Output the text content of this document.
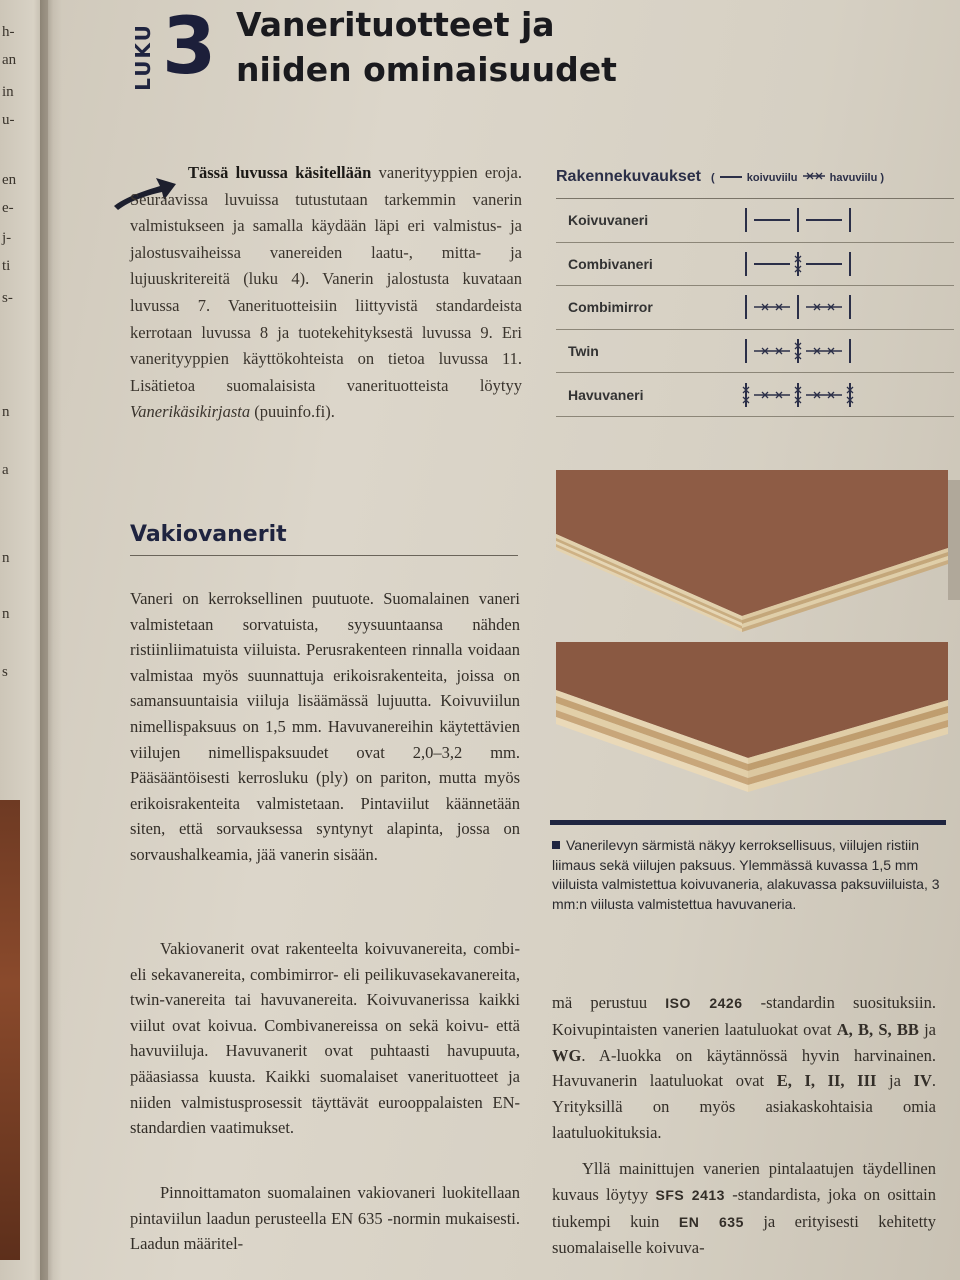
h-
an
in
u-
en
e-
j-
ti
s-
n
a
n
n
s
LUKU 3 Vanerituotteet ja
niiden ominaisuudet

Tässä luvussa käsitellään vanerityyppien eroja. Seuraavissa luvuissa tutustutaan tarkemmin vanerin valmistukseen ja samalla käydään läpi eri valmistus- ja jalostusvaiheissa vanereiden laatu-, mitta- ja lujuuskritereitä (luku 4). Vanerin jalostusta kuvataan luvussa 7. Vanerituotteisiin liittyvistä standardeista kerrotaan luvussa 8 ja tuotekehityksestä luvussa 9. Eri vanerityyppien käyttökohteista on tietoa luvussa 11. Lisätietoa suomalaisista vanerituotteista löytyy Vanerikäsikirjasta (puuinfo.fi).

Vakiovanerit

Vaneri on kerroksellinen puutuote. Suomalainen vaneri valmistetaan sorvatuista, syysuuntaansa nähden ristiinliimatuista viiluista. Perusrakenteen rinnalla voidaan valmistaa myös suunnattuja erikoisrakenteita, joissa on samansuuntaisia viiluja lisäämässä lujuutta. Koivuviilun nimellispaksuus on 1,5 mm. Havuvanereihin käytettävien viilujen nimellispaksuudet ovat 2,0–3,2 mm. Pääsääntöisesti kerrosluku (ply) on pariton, mutta myös erikoisrakenteita valmistetaan. Pintaviilut käännetään siten, että sorvauksessa syntynyt alapinta, jossa on sorvaushalkeamia, jää vanerin sisään.

Vakiovanerit ovat rakenteelta koivuvanereita, combi- eli sekavanereita, combimirror- eli peilikuvasekavanereita, twin-vanereita tai havuvanereita. Koivuvanerissa kaikki viilut ovat koivua. Combivanereissa on sekä koivu- että havuviiluja. Havuvanerit ovat puhtaasti havupuuta, pääasiassa kuusta. Kaikki suomalaiset vanerituotteet ja niiden valmistusprosessit täyttävät eurooppalaisten EN-standardien vaatimukset.

Pinnoittamaton suomalainen vakiovaneri luokitellaan pintaviilun laadun perusteella EN 635 -normin mukaisesti. Laadun määritel-

Rakennekuvaukset (	koivuviilu	havuviilu )
Koivuvaneri
Combivaneri
Combimirror
Twin
Havuvaneri

Vanerilevyn särmistä näkyy kerroksellisuus, viilujen ristiin liimaus sekä viilujen paksuus. Ylemmässä kuvassa 1,5 mm viiluista valmistettua koivuvaneria, alakuvassa paksuviiluista, 3 mm:n viilusta valmistettua havuvaneria.

mä perustuu ISO 2426 -standardin suosituksiin. Koivupintaisten vanerien laatuluokat ovat A, B, S, BB ja WG. A-luokka on käytännössä hyvin harvinainen. Havuvanerin laatuluokat ovat E, I, II, III ja IV. Yrityksillä on myös asiakaskohtaisia omia laatuluokituksia.

Yllä mainittujen vanerien pintalaatujen täydellinen kuvaus löytyy SFS 2413 -standardista, joka on osittain tiukempi kuin EN 635 ja erityisesti kehitetty suomalaiselle koivuva-
